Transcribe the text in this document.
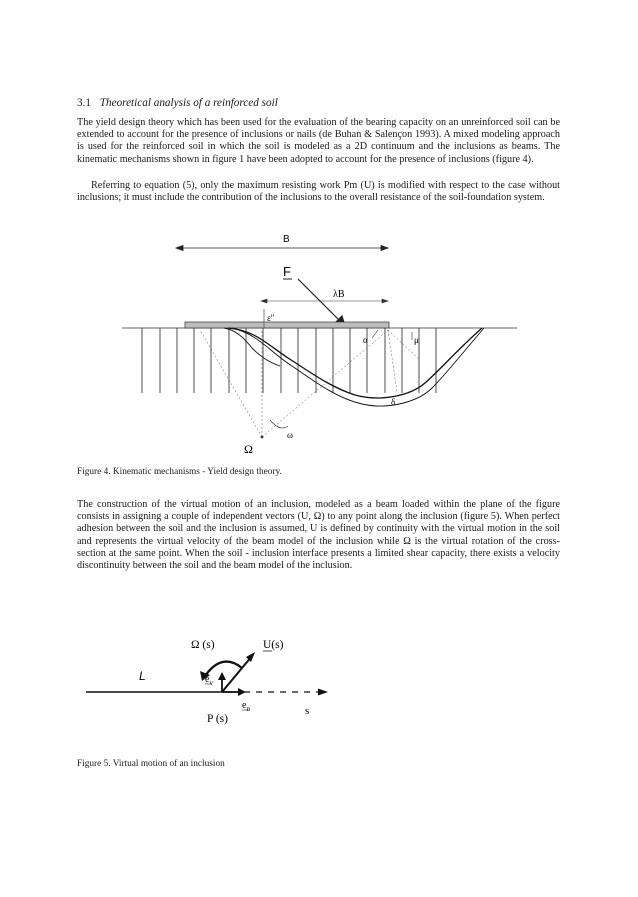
3.1 Theoretical analysis of a reinforced soil

The yield design theory which has been used for the evaluation of the bearing capacity on an unreinforced soil can be extended to account for the presence of inclusions or nails (de Buhan & Salençon 1993). A mixed modeling approach is used for the reinforced soil in which the soil is modeled as a 2D continuum and the inclusions as beams. The kinematic mechanisms shown in figure 1 have been adopted to account for the presence of inclusions (figure 4).

Referring to equation (5), only the maximum resisting work Pm (U) is modified with respect to the case without inclusions; it must include the contribution of the inclusions to the overall resistance of the soil-foundation system.

B
F
λB
ε"
α	μ
δ
ω
Ω

Figure 4. Kinematic mechanisms - Yield design theory.

The construction of the virtual motion of an inclusion, modeled as a beam loaded within the plane of the figure consists in assigning a couple of independent vectors (U, Ω) to any point along the inclusion (figure 5). When perfect adhesion between the soil and the inclusion is assumed, U is defined by continuity with the virtual motion in the soil and represents the virtual velocity of the beam model of the inclusion while Ω is the virtual rotation of the cross-section at the same point. When the soil - inclusion interface presents a limited shear capacity, there exists a velocity discontinuity between the soil and the beam model of the inclusion.

Ω (s)	U(s)
L	$e_v$
$e_n$	s
P (s)

Figure 5. Virtual motion of an inclusion
